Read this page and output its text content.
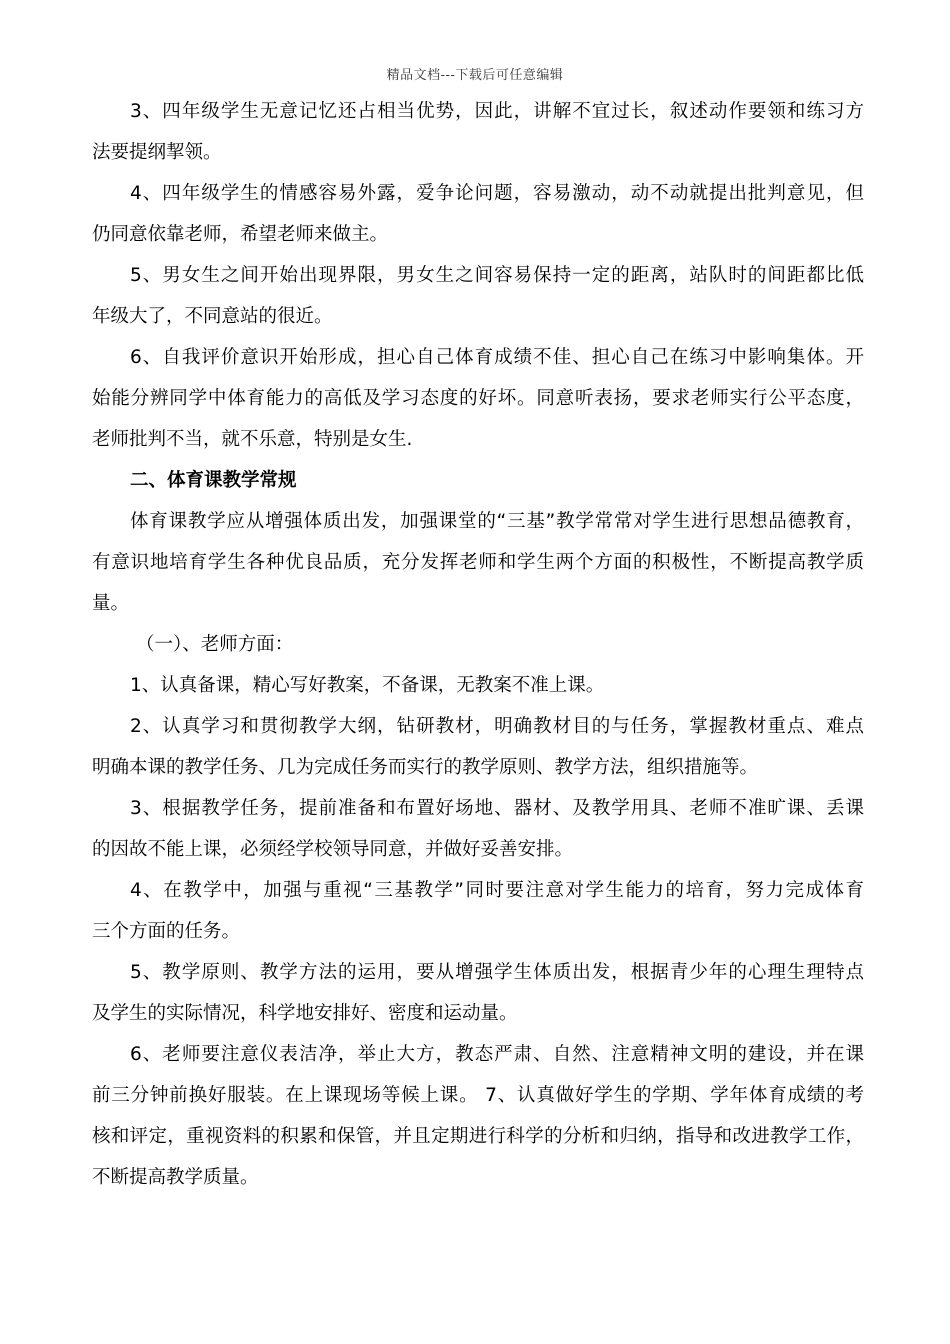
精品文档---下载后可任意编辑
3、四年级学生无意记忆还占相当优势，因此，讲解不宜过长，叙述动作要领和练习方
法要提纲挈领。
4、四年级学生的情感容易外露，爱争论问题，容易激动，动不动就提出批判意见，但
仍同意依靠老师，希望老师来做主。
5、男女生之间开始出现界限，男女生之间容易保持一定的距离，站队时的间距都比低
年级大了，不同意站的很近。
6、自我评价意识开始形成，担心自己体育成绩不佳、担心自己在练习中影响集体。开
始能分辨同学中体育能力的高低及学习态度的好坏。同意听表扬，要求老师实行公平态度，
老师批判不当，就不乐意，特别是女生.
二、体育课教学常规
体育课教学应从增强体质出发，加强课堂的“三基”教学常常对学生进行思想品德教育，
有意识地培育学生各种优良品质，充分发挥老师和学生两个方面的积极性，不断提高教学质
量。
（一）、老师方面：
1、认真备课，精心写好教案，不备课，无教案不准上课。
2、认真学习和贯彻教学大纲，钻研教材，明确教材目的与任务，掌握教材重点、难点
明确本课的教学任务、几为完成任务而实行的教学原则、教学方法，组织措施等。
3、根据教学任务，提前准备和布置好场地、器材、及教学用具、老师不准旷课、丢课
的因故不能上课，必须经学校领导同意，并做好妥善安排。
4、在教学中，加强与重视“三基教学”同时要注意对学生能力的培育，努力完成体育
三个方面的任务。
5、教学原则、教学方法的运用，要从增强学生体质出发，根据青少年的心理生理特点
及学生的实际情况，科学地安排好、密度和运动量。
6、老师要注意仪表洁净，举止大方，教态严肃、自然、注意精神文明的建设，并在课
前三分钟前换好服装。在上课现场等候上课。 7、认真做好学生的学期、学年体育成绩的考
核和评定，重视资料的积累和保管，并且定期进行科学的分析和归纳，指导和改进教学工作，
不断提高教学质量。
